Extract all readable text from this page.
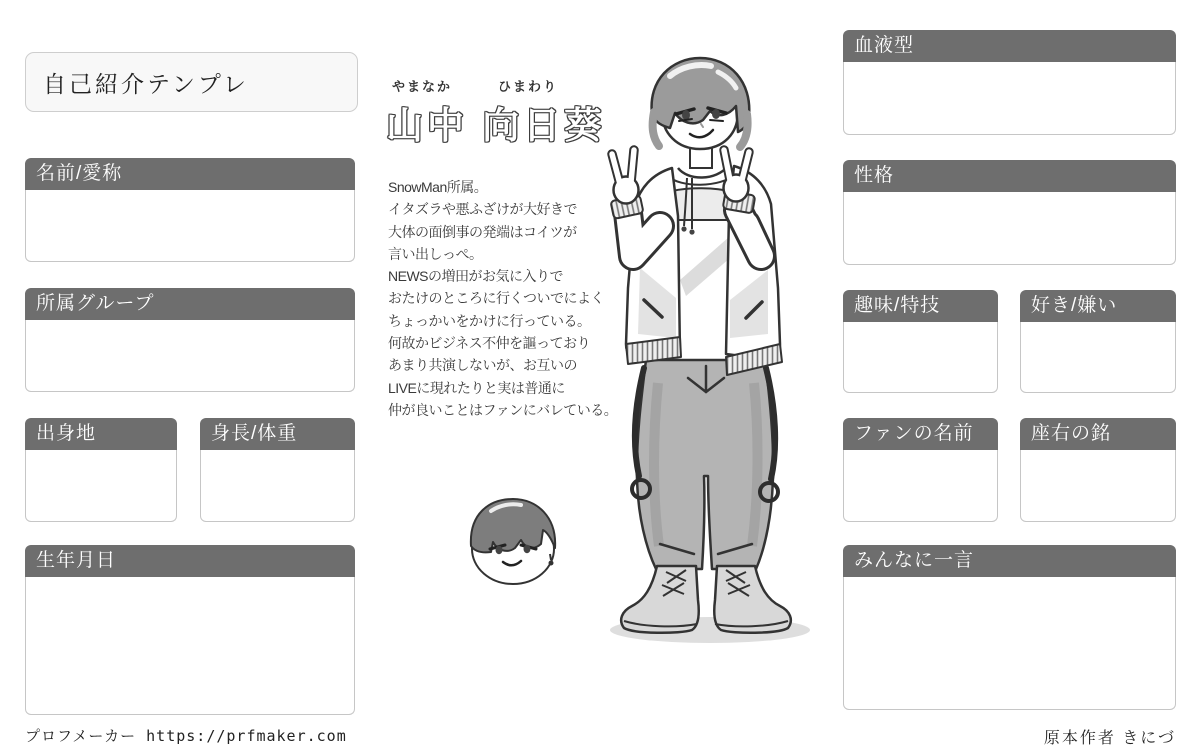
自己紹介テンプレ
名前/愛称
所属グループ
出身地	身長/体重
生年月日
血液型
性格
趣味/特技	好き/嫌い
ファンの名前	座右の銘
みんなに一言
やまなか	ひまわり
山中 向日葵
SnowMan所属。
イタズラや悪ふざけが大好きで
大体の面倒事の発端はコイツが
言い出しっぺ。
NEWSの増田がお気に入りで
おたけのところに行くついでによく
ちょっかいをかけに行っている。
何故かビジネス不仲を謳っており
あまり共演しないが、お互いの
LIVEに現れたりと実は普通に
仲が良いことはファンにバレている。
プロフメーカー https://prfmaker.com	原本作者 きにづ
